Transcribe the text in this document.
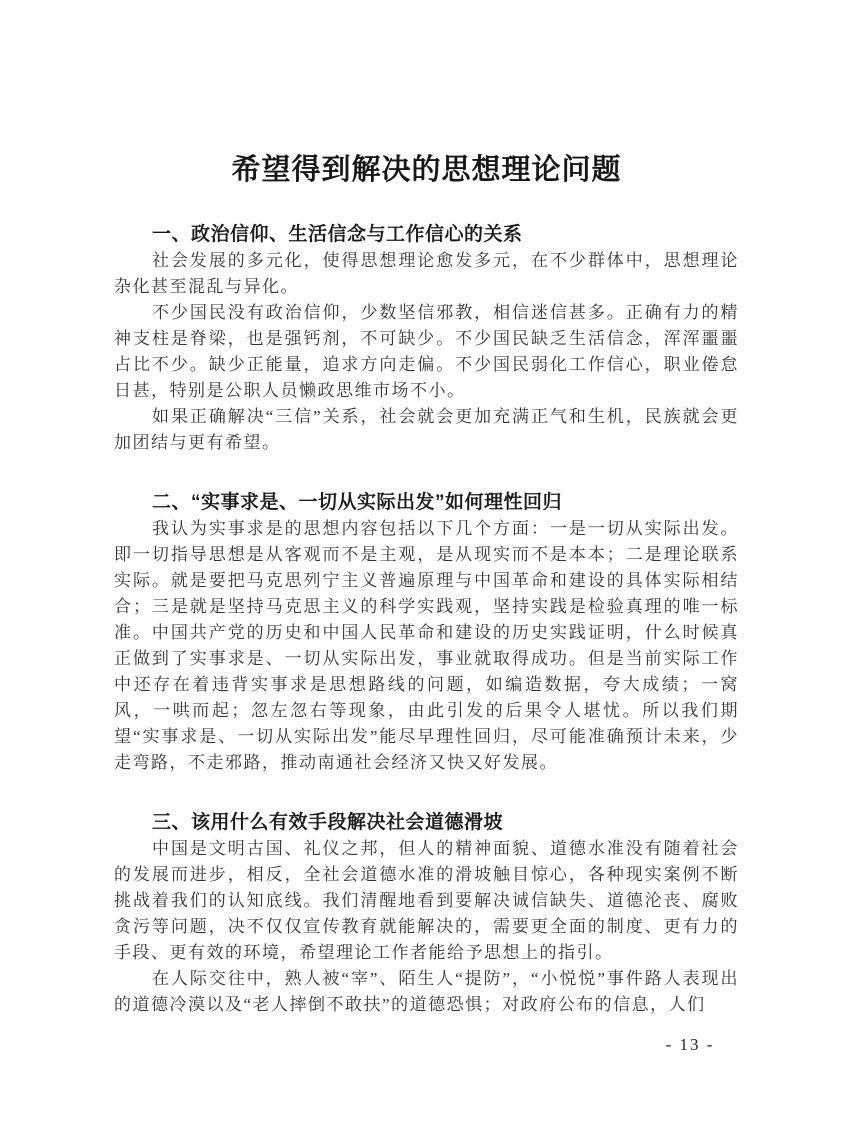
希望得到解决的思想理论问题
一、政治信仰、生活信念与工作信心的关系

社会发展的多元化，使得思想理论愈发多元，在不少群体中，思想理论杂化甚至混乱与异化。

不少国民没有政治信仰，少数坚信邪教，相信迷信甚多。正确有力的精神支柱是脊梁，也是强钙剂，不可缺少。不少国民缺乏生活信念，浑浑噩噩占比不少。缺少正能量，追求方向走偏。不少国民弱化工作信心，职业倦怠日甚，特别是公职人员懒政思维市场不小。

如果正确解决“三信”关系，社会就会更加充满正气和生机，民族就会更加团结与更有希望。

二、“实事求是、一切从实际出发”如何理性回归

我认为实事求是的思想内容包括以下几个方面：一是一切从实际出发。即一切指导思想是从客观而不是主观，是从现实而不是本本；二是理论联系实际。就是要把马克思列宁主义普遍原理与中国革命和建设的具体实际相结合；三是就是坚持马克思主义的科学实践观，坚持实践是检验真理的唯一标准。中国共产党的历史和中国人民革命和建设的历史实践证明，什么时候真正做到了实事求是、一切从实际出发，事业就取得成功。但是当前实际工作中还存在着违背实事求是思想路线的问题，如编造数据，夸大成绩；一窝风，一哄而起；忽左忽右等现象，由此引发的后果令人堪忧。所以我们期望“实事求是、一切从实际出发”能尽早理性回归，尽可能准确预计未来，少走弯路，不走邪路，推动南通社会经济又快又好发展。

三、该用什么有效手段解决社会道德滑坡

中国是文明古国、礼仪之邦，但人的精神面貌、道德水准没有随着社会的发展而进步，相反，全社会道德水准的滑坡触目惊心，各种现实案例不断挑战着我们的认知底线。我们清醒地看到要解决诚信缺失、道德沦丧、腐败贪污等问题，决不仅仅宣传教育就能解决的，需要更全面的制度、更有力的手段、更有效的环境，希望理论工作者能给予思想上的指引。

在人际交往中，熟人被“宰”、陌生人“提防”，“小悦悦”事件路人表现出的道德冷漠以及“老人摔倒不敢扶”的道德恐惧；对政府公布的信息，人们

- 13 -
